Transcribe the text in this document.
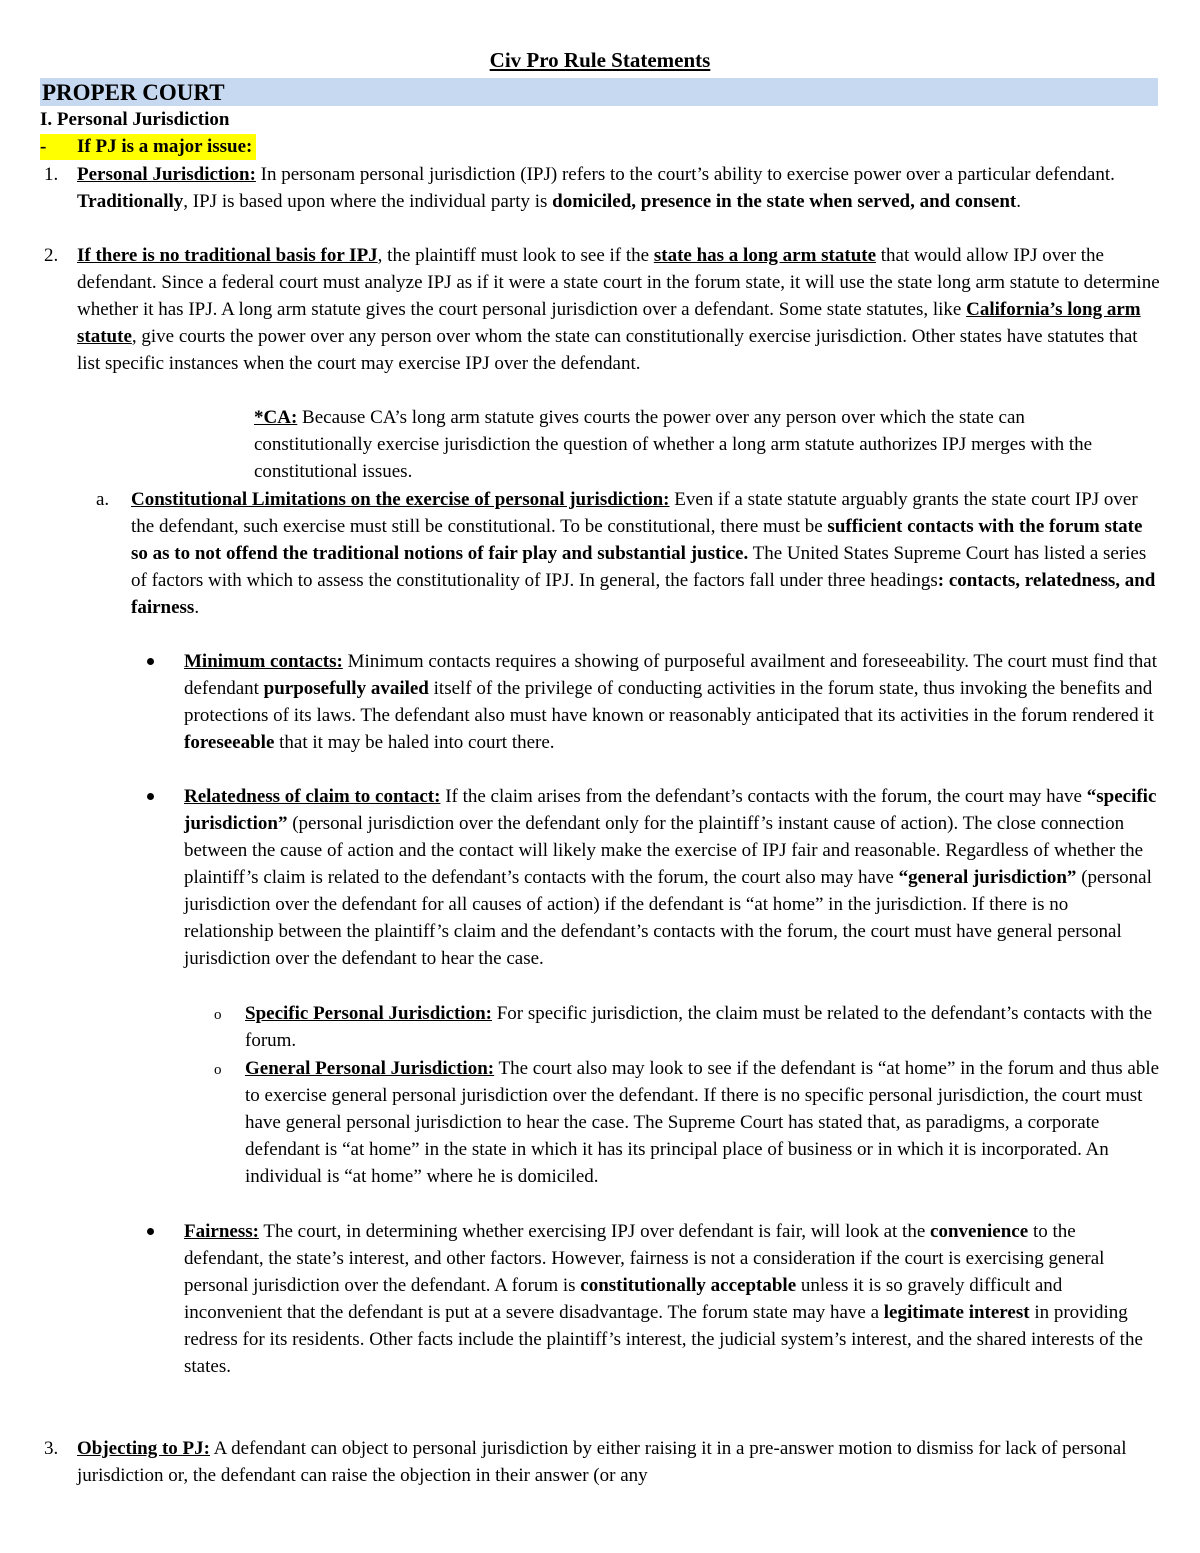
Civ Pro Rule Statements
PROPER COURT
I. Personal Jurisdiction
- If PJ is a major issue:
1. Personal Jurisdiction: In personam personal jurisdiction (IPJ) refers to the court’s ability to exercise power over a particular defendant. Traditionally, IPJ is based upon where the individual party is domiciled, presence in the state when served, and consent.

2. If there is no traditional basis for IPJ, the plaintiff must look to see if the state has a long arm statute that would allow IPJ over the defendant. Since a federal court must analyze IPJ as if it were a state court in the forum state, it will use the state long arm statute to determine whether it has IPJ. A long arm statute gives the court personal jurisdiction over a defendant. Some state statutes, like California’s long arm statute, give courts the power over any person over whom the state can constitutionally exercise jurisdiction. Other states have statutes that list specific instances when the court may exercise IPJ over the defendant.

*CA: Because CA’s long arm statute gives courts the power over any person over which the state can constitutionally exercise jurisdiction the question of whether a long arm statute authorizes IPJ merges with the constitutional issues.

a. Constitutional Limitations on the exercise of personal jurisdiction: Even if a state statute arguably grants the state court IPJ over the defendant, such exercise must still be constitutional. To be constitutional, there must be sufficient contacts with the forum state so as to not offend the traditional notions of fair play and substantial justice. The United States Supreme Court has listed a series of factors with which to assess the constitutionality of IPJ. In general, the factors fall under three headings: contacts, relatedness, and fairness.

Minimum contacts: Minimum contacts requires a showing of purposeful availment and foreseeability. The court must find that defendant purposefully availed itself of the privilege of conducting activities in the forum state, thus invoking the benefits and protections of its laws. The defendant also must have known or reasonably anticipated that its activities in the forum rendered it foreseeable that it may be haled into court there.

Relatedness of claim to contact: If the claim arises from the defendant’s contacts with the forum, the court may have “specific jurisdiction” (personal jurisdiction over the defendant only for the plaintiff’s instant cause of action). The close connection between the cause of action and the contact will likely make the exercise of IPJ fair and reasonable. Regardless of whether the plaintiff’s claim is related to the defendant’s contacts with the forum, the court also may have “general jurisdiction” (personal jurisdiction over the defendant for all causes of action) if the defendant is “at home” in the jurisdiction. If there is no relationship between the plaintiff’s claim and the defendant’s contacts with the forum, the court must have general personal jurisdiction over the defendant to hear the case.

o Specific Personal Jurisdiction: For specific jurisdiction, the claim must be related to the defendant’s contacts with the forum.

o General Personal Jurisdiction: The court also may look to see if the defendant is “at home” in the forum and thus able to exercise general personal jurisdiction over the defendant. If there is no specific personal jurisdiction, the court must have general personal jurisdiction to hear the case. The Supreme Court has stated that, as paradigms, a corporate defendant is “at home” in the state in which it has its principal place of business or in which it is incorporated. An individual is “at home” where he is domiciled.

Fairness: The court, in determining whether exercising IPJ over defendant is fair, will look at the convenience to the defendant, the state’s interest, and other factors. However, fairness is not a consideration if the court is exercising general personal jurisdiction over the defendant. A forum is constitutionally acceptable unless it is so gravely difficult and inconvenient that the defendant is put at a severe disadvantage. The forum state may have a legitimate interest in providing redress for its residents. Other facts include the plaintiff’s interest, the judicial system’s interest, and the shared interests of the states.

3. Objecting to PJ: A defendant can object to personal jurisdiction by either raising it in a pre-answer motion to dismiss for lack of personal jurisdiction or, the defendant can raise the objection in their answer (or any
